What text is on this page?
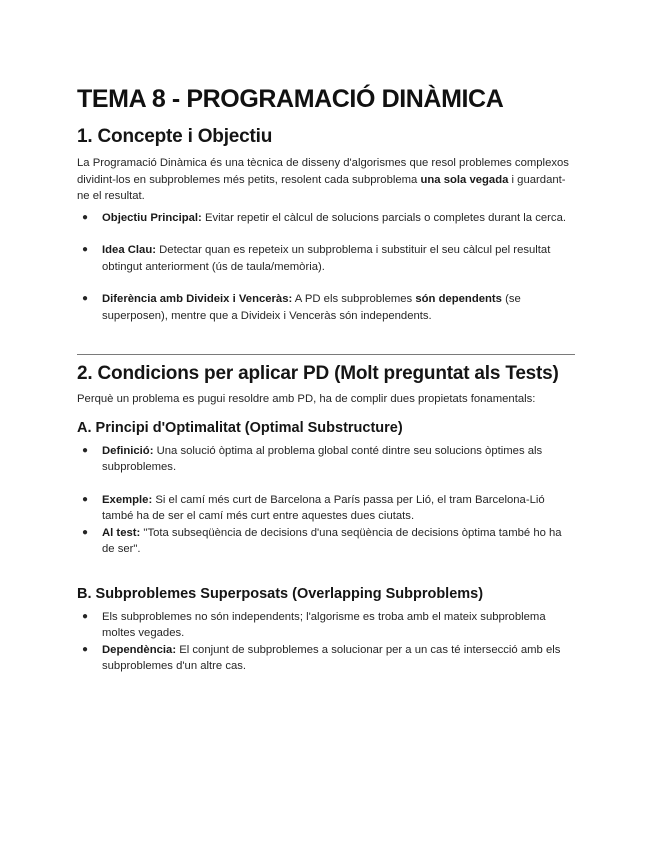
TEMA 8 - PROGRAMACIÓ DINÀMICA
1. Concepte i Objectiu

La Programació Dinàmica és una tècnica de disseny d'algorismes que resol problemes complexos dividint-los en subproblemes més petits, resolent cada subproblema una sola vegada i guardant-ne el resultat.

● Objectiu Principal: Evitar repetir el càlcul de solucions parcials o completes durant la cerca.
● Idea Clau: Detectar quan es repeteix un subproblema i substituir el seu càlcul pel resultat obtingut anteriorment (ús de taula/memòria).
● Diferència amb Divideix i Venceràs: A PD els subproblemes són dependents (se superposen), mentre que a Divideix i Venceràs són independents.
2. Condicions per aplicar PD (Molt preguntat als Tests)

Perquè un problema es pugui resoldre amb PD, ha de complir dues propietats fonamentals:

A. Principi d'Optimalitat (Optimal Substructure)
● Definició: Una solució òptima al problema global conté dintre seu solucions òptimes als subproblemes.
● Exemple: Si el camí més curt de Barcelona a París passa per Lió, el tram Barcelona-Lió també ha de ser el camí més curt entre aquestes dues ciutats.
● Al test: "Tota subseqüència de decisions d'una seqüència de decisions òptima també ho ha de ser".
B. Subproblemes Superposats (Overlapping Subproblems)
● Els subproblemes no són independents; l'algorisme es troba amb el mateix subproblema moltes vegades.
● Dependència: El conjunt de subproblemes a solucionar per a un cas té intersecció amb els subproblemes d'un altre cas.
